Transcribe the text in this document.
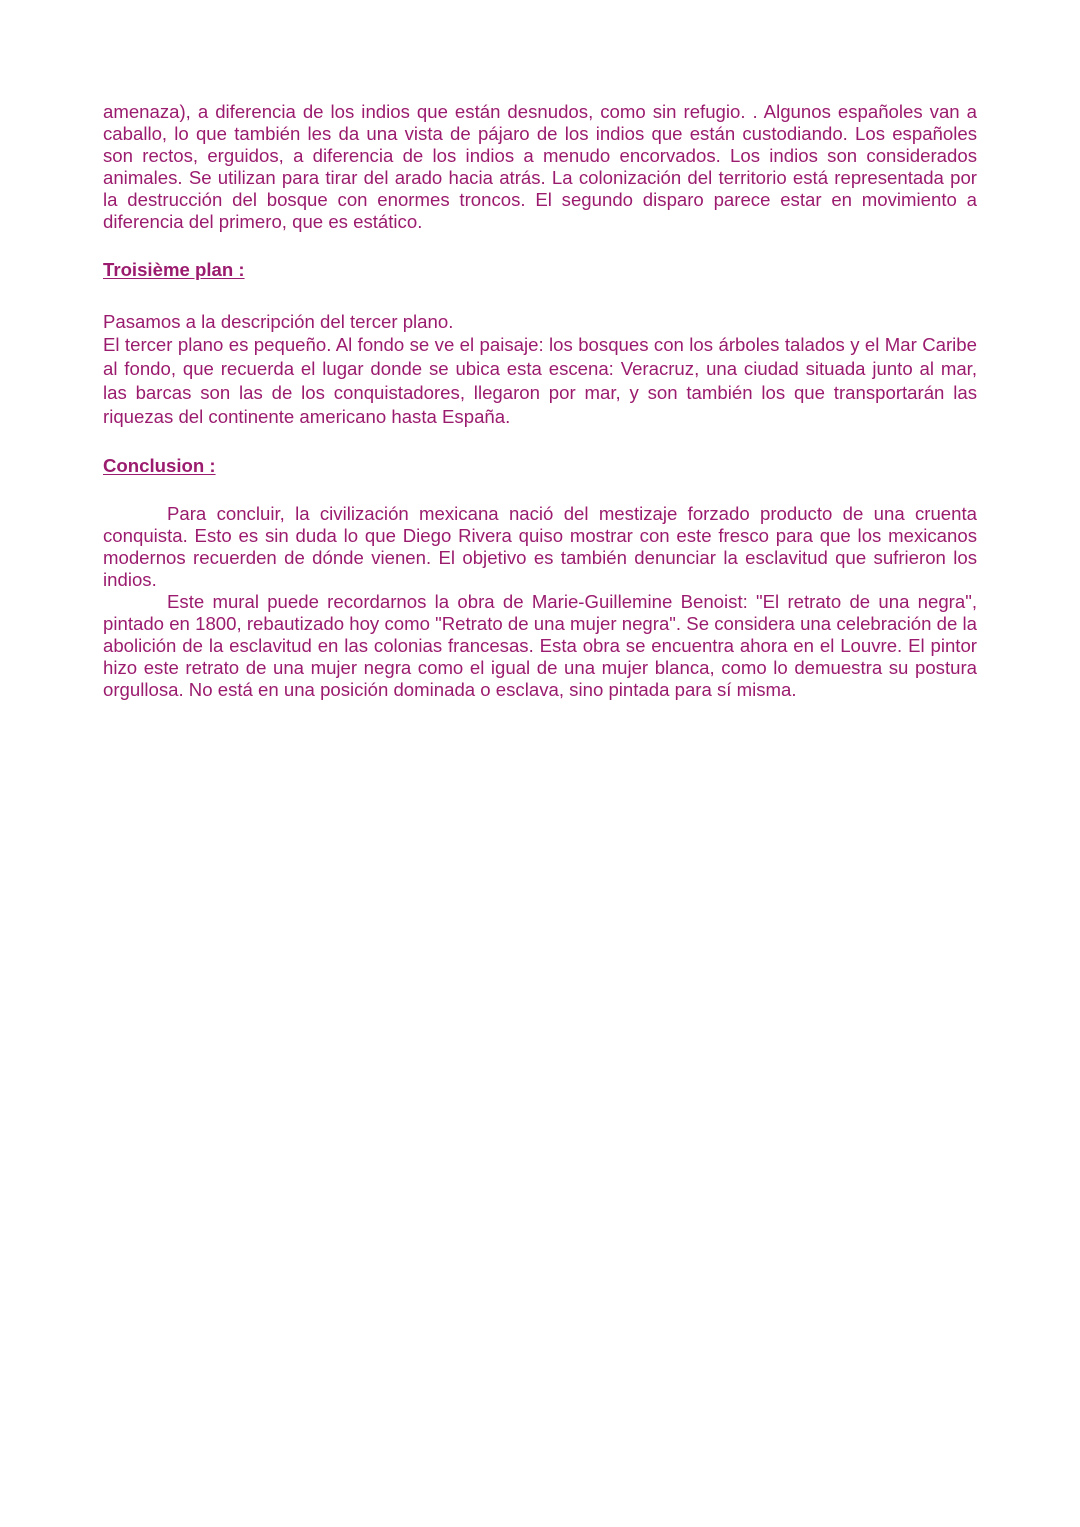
amenaza), a diferencia de los indios que están desnudos, como sin refugio. . Algunos españoles van a caballo, lo que también les da una vista de pájaro de los indios que están custodiando. Los españoles son rectos, erguidos, a diferencia de los indios a menudo encorvados. Los indios son considerados animales. Se utilizan para tirar del arado hacia atrás. La colonización del territorio está representada por la destrucción del bosque con enormes troncos. El segundo disparo parece estar en movimiento a diferencia del primero, que es estático.

Troisième plan :

Pasamos a la descripción del tercer plano.

El tercer plano es pequeño. Al fondo se ve el paisaje: los bosques con los árboles talados y el Mar Caribe al fondo, que recuerda el lugar donde se ubica esta escena: Veracruz, una ciudad situada junto al mar, las barcas son las de los conquistadores, llegaron por mar, y son también los que transportarán las riquezas del continente americano hasta España.

Conclusion :

Para concluir, la civilización mexicana nació del mestizaje forzado producto de una cruenta conquista. Esto es sin duda lo que Diego Rivera quiso mostrar con este fresco para que los mexicanos modernos recuerden de dónde vienen. El objetivo es también denunciar la esclavitud que sufrieron los indios.

Este mural puede recordarnos la obra de Marie-Guillemine Benoist: "El retrato de una negra", pintado en 1800, rebautizado hoy como "Retrato de una mujer negra". Se considera una celebración de la abolición de la esclavitud en las colonias francesas. Esta obra se encuentra ahora en el Louvre. El pintor hizo este retrato de una mujer negra como el igual de una mujer blanca, como lo demuestra su postura orgullosa. No está en una posición dominada o esclava, sino pintada para sí misma.
